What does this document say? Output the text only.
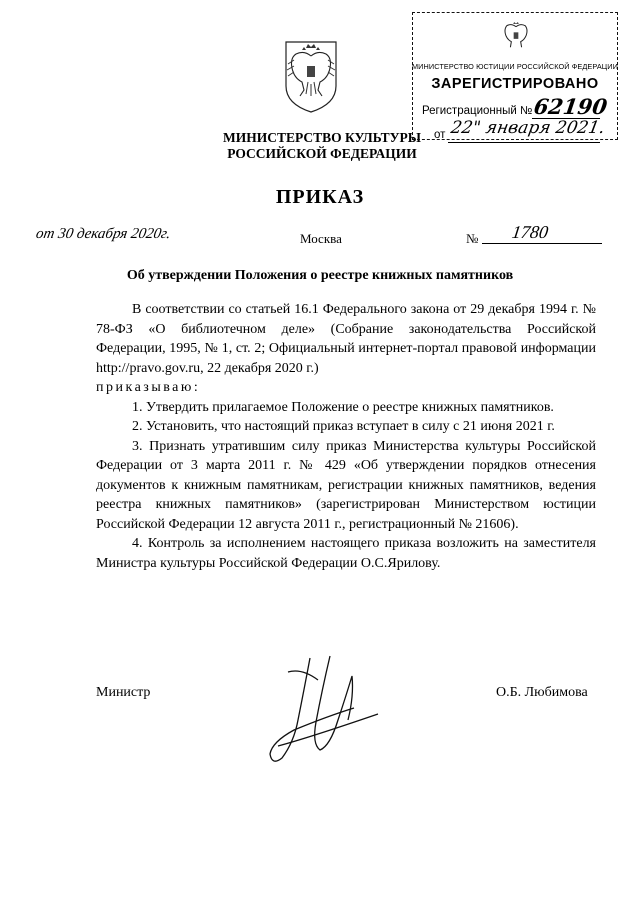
МИНИСТЕРСТВО КУЛЬТУРЫ
РОССИЙСКОЙ ФЕДЕРАЦИИ
МИНИСТЕРСТВО ЮСТИЦИИ РОССИЙСКОЙ ФЕДЕРАЦИИ
ЗАРЕГИСТРИРОВАНО
Регистрационный № 62190
от 22" января 2021.
ПРИКАЗ
от 30 декабря 2020г.	Москва	№ 1780
Об утверждении Положения о реестре книжных памятников

В соответствии со статьей 16.1 Федерального закона от 29 декабря 1994 г. № 78-ФЗ «О библиотечном деле» (Собрание законодательства Российской Федерации, 1995, № 1, ст. 2; Официальный интернет-портал правовой информации http://pravo.gov.ru, 22 декабря 2020 г.)

приказываю:

1. Утвердить прилагаемое Положение о реестре книжных памятников.

2. Установить, что настоящий приказ вступает в силу с 21 июня 2021 г.

3. Признать утратившим силу приказ Министерства культуры Российской Федерации от 3 марта 2011 г. № 429 «Об утверждении порядков отнесения документов к книжным памятникам, регистрации книжных памятников, ведения реестра книжных памятников» (зарегистрирован Министерством юстиции Российской Федерации 12 августа 2011 г., регистрационный № 21606).

4. Контроль за исполнением настоящего приказа возложить на заместителя Министра культуры Российской Федерации О.С.Ярилову.

Министр	О.Б. Любимова
